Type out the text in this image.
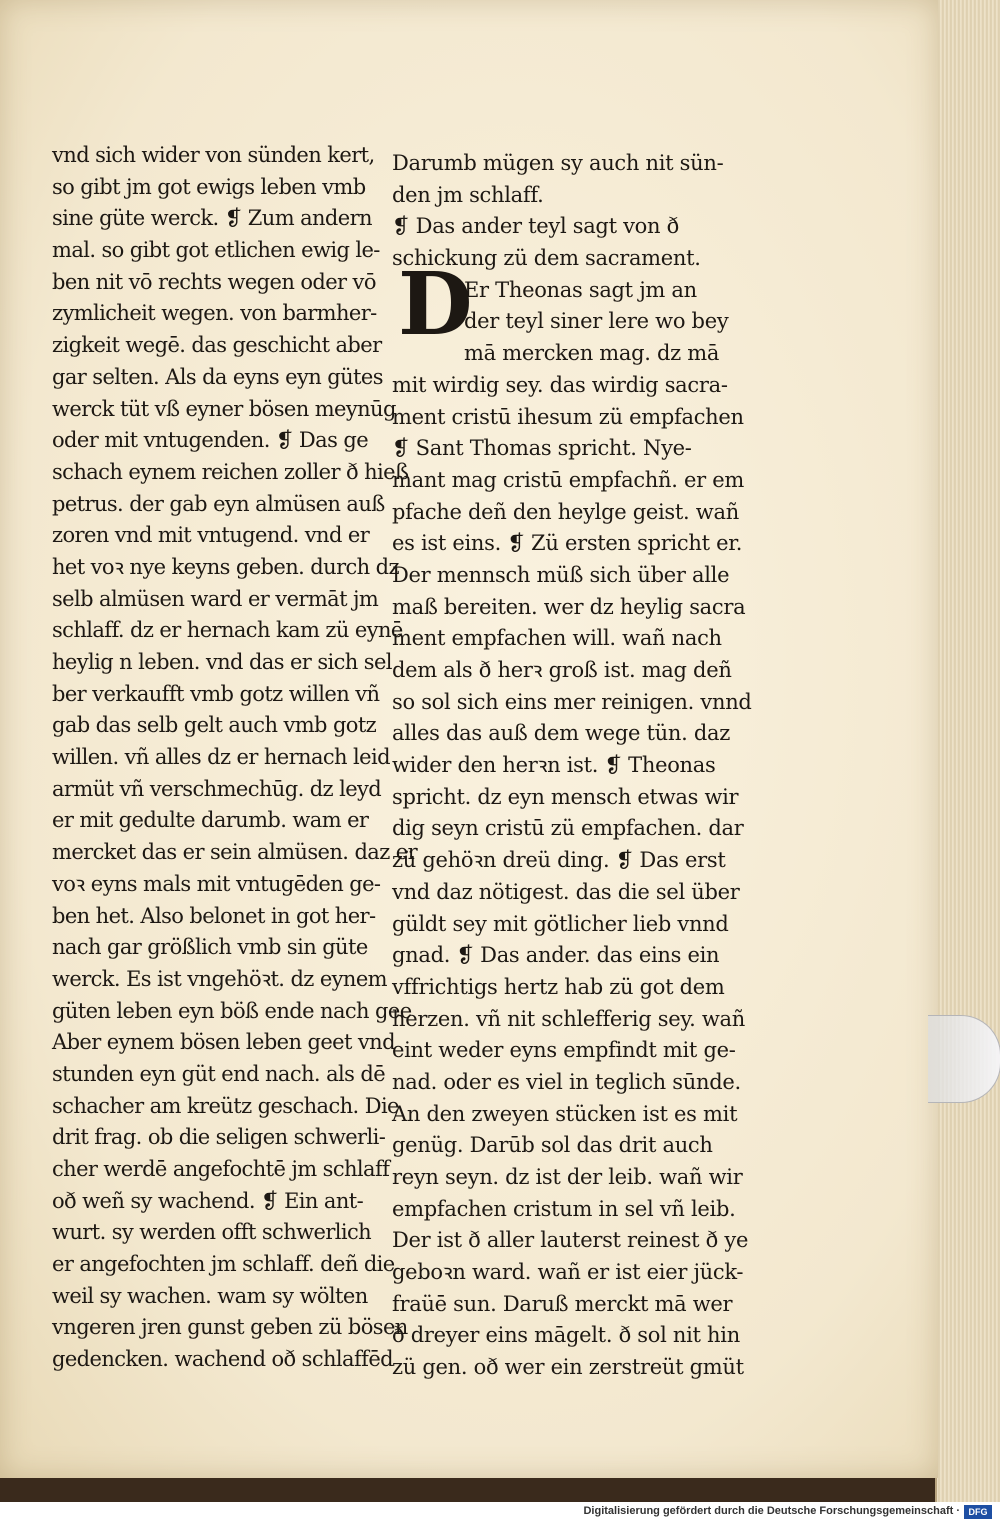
vnd sich wider von sünden kert,
so gibt jm got ewigs leben vmb
sine güte werck. ❡ Zum andern
mal. so gibt got etlichen ewig le-
ben nit vō rechts wegen oder vō
zymlicheit wegen. von barmher-
zigkeit wegē. das geschicht aber
gar selten. Als da eyns eyn gütes
werck tüt vß eyner bösen meynūg
oder mit vntugenden. ❡ Das ge
schach eynem reichen zoller ð hieß
petrus. der gab eyn almüsen auß
zoren vnd mit vntugend. vnd er
het voꝛ nye keyns geben. durch dz
selb almüsen ward er vermāt jm
schlaff. dz er hernach kam zü eynē
heylig n leben. vnd das er sich sel
ber verkaufft vmb gotz willen vñ
gab das selb gelt auch vmb gotz
willen. vñ alles dz er hernach leid
armüt vñ verschmechūg. dz leyd
er mit gedulte darumb. wam er
mercket das er sein almüsen. daz er
voꝛ eyns mals mit vntugēden ge-
ben het. Also belonet in got her-
nach gar größlich vmb sin güte
werck. Es ist vngehöꝛt. dz eynem
güten leben eyn böß ende nach gee
Aber eynem bösen leben geet vnd
stunden eyn güt end nach. als dē
schacher am kreütz geschach. Die
drit frag. ob die seligen schwerli-
cher werdē angefochtē jm schlaff
oð weñ sy wachend. ❡ Ein ant-
wurt. sy werden offt schwerlich
er angefochten jm schlaff. deñ die
weil sy wachen. wam sy wölten
vngeren jren gunst geben zü bösen
gedencken. wachend oð schlaffēd
Darumb mügen sy auch nit sün-
den jm schlaff.
❡ Das ander teyl sagt von ð
schickung zü dem sacrament.
D
Er Theonas sagt jm an
der teyl siner lere wo bey
mā mercken mag. dz mā
mit wirdig sey. das wirdig sacra-
ment cristū ihesum zü empfachen
❡ Sant Thomas spricht. Nye-
mant mag cristū empfachñ. er em
pfache deñ den heylge geist. wañ
es ist eins. ❡ Zü ersten spricht er.
Der mennsch müß sich über alle
maß bereiten. wer dz heylig sacra
ment empfachen will. wañ nach
dem als ð herꝛ groß ist. mag deñ
so sol sich eins mer reinigen. vnnd
alles das auß dem wege tün. daz
wider den herꝛn ist. ❡ Theonas
spricht. dz eyn mensch etwas wir
dig seyn cristū zü empfachen. dar
zü gehöꝛn dreü ding. ❡ Das erst
vnd daz nötigest. das die sel über
güldt sey mit götlicher lieb vnnd
gnad. ❡ Das ander. das eins ein
vffrichtigs hertz hab zü got dem
herzen. vñ nit schlefferig sey. wañ
eint weder eyns empfindt mit ge-
nad. oder es viel in teglich sūnde.
An den zweyen stücken ist es mit
genüg. Darūb sol das drit auch
reyn seyn. dz ist der leib. wañ wir
empfachen cristum in sel vñ leib.
Der ist ð aller lauterst reinest ð ye
geboꝛn ward. wañ er ist eier jück-
fraüē sun. Daruß merckt mā wer
ð dreyer eins māgelt. ð sol nit hin
zü gen. oð wer ein zerstreüt gmüt
Digitalisierung gefördert durch die Deutsche Forschungsgemeinschaft · DFG
